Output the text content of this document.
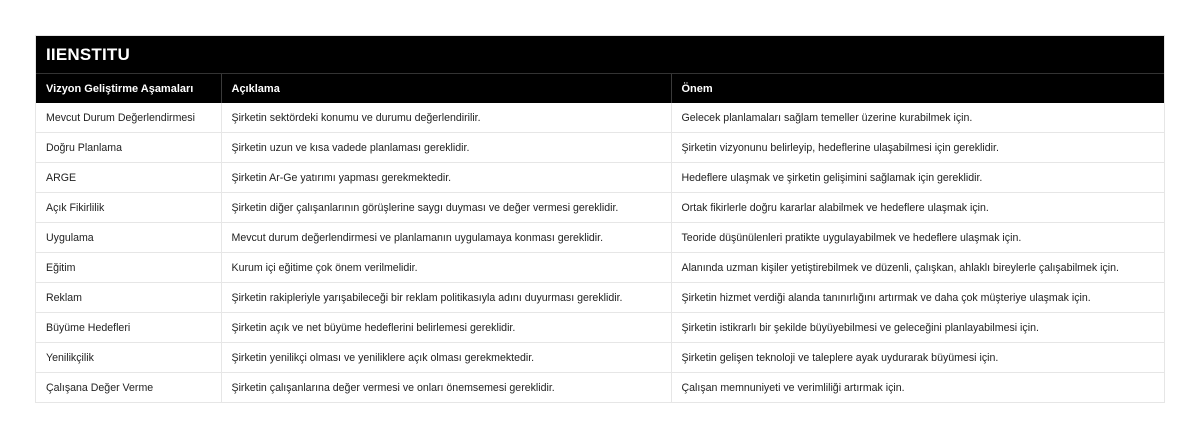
IIENSTITU
Vizyon Geliştirme Aşamaları	Açıklama	Önem
Mevcut Durum Değerlendirmesi	Şirketin sektördeki konumu ve durumu değerlendirilir.	Gelecek planlamaları sağlam temeller üzerine kurabilmek için.
Doğru Planlama	Şirketin uzun ve kısa vadede planlaması gereklidir.	Şirketin vizyonunu belirleyip, hedeflerine ulaşabilmesi için gereklidir.
ARGE	Şirketin Ar-Ge yatırımı yapması gerekmektedir.	Hedeflere ulaşmak ve şirketin gelişimini sağlamak için gereklidir.
Açık Fikirlilik	Şirketin diğer çalışanlarının görüşlerine saygı duyması ve değer vermesi gereklidir.	Ortak fikirlerle doğru kararlar alabilmek ve hedeflere ulaşmak için.
Uygulama	Mevcut durum değerlendirmesi ve planlamanın uygulamaya konması gereklidir.	Teoride düşünülenleri pratikte uygulayabilmek ve hedeflere ulaşmak için.
Eğitim	Kurum içi eğitime çok önem verilmelidir.	Alanında uzman kişiler yetiştirebilmek ve düzenli, çalışkan, ahlaklı bireylerle çalışabilmek için.
Reklam	Şirketin rakipleriyle yarışabileceği bir reklam politikasıyla adını duyurması gereklidir.	Şirketin hizmet verdiği alanda tanınırlığını artırmak ve daha çok müşteriye ulaşmak için.
Büyüme Hedefleri	Şirketin açık ve net büyüme hedeflerini belirlemesi gereklidir.	Şirketin istikrarlı bir şekilde büyüyebilmesi ve geleceğini planlayabilmesi için.
Yenilikçilik	Şirketin yenilikçi olması ve yeniliklere açık olması gerekmektedir.	Şirketin gelişen teknoloji ve taleplere ayak uydurarak büyümesi için.
Çalışana Değer Verme	Şirketin çalışanlarına değer vermesi ve onları önemsemesi gereklidir.	Çalışan memnuniyeti ve verimliliği artırmak için.
